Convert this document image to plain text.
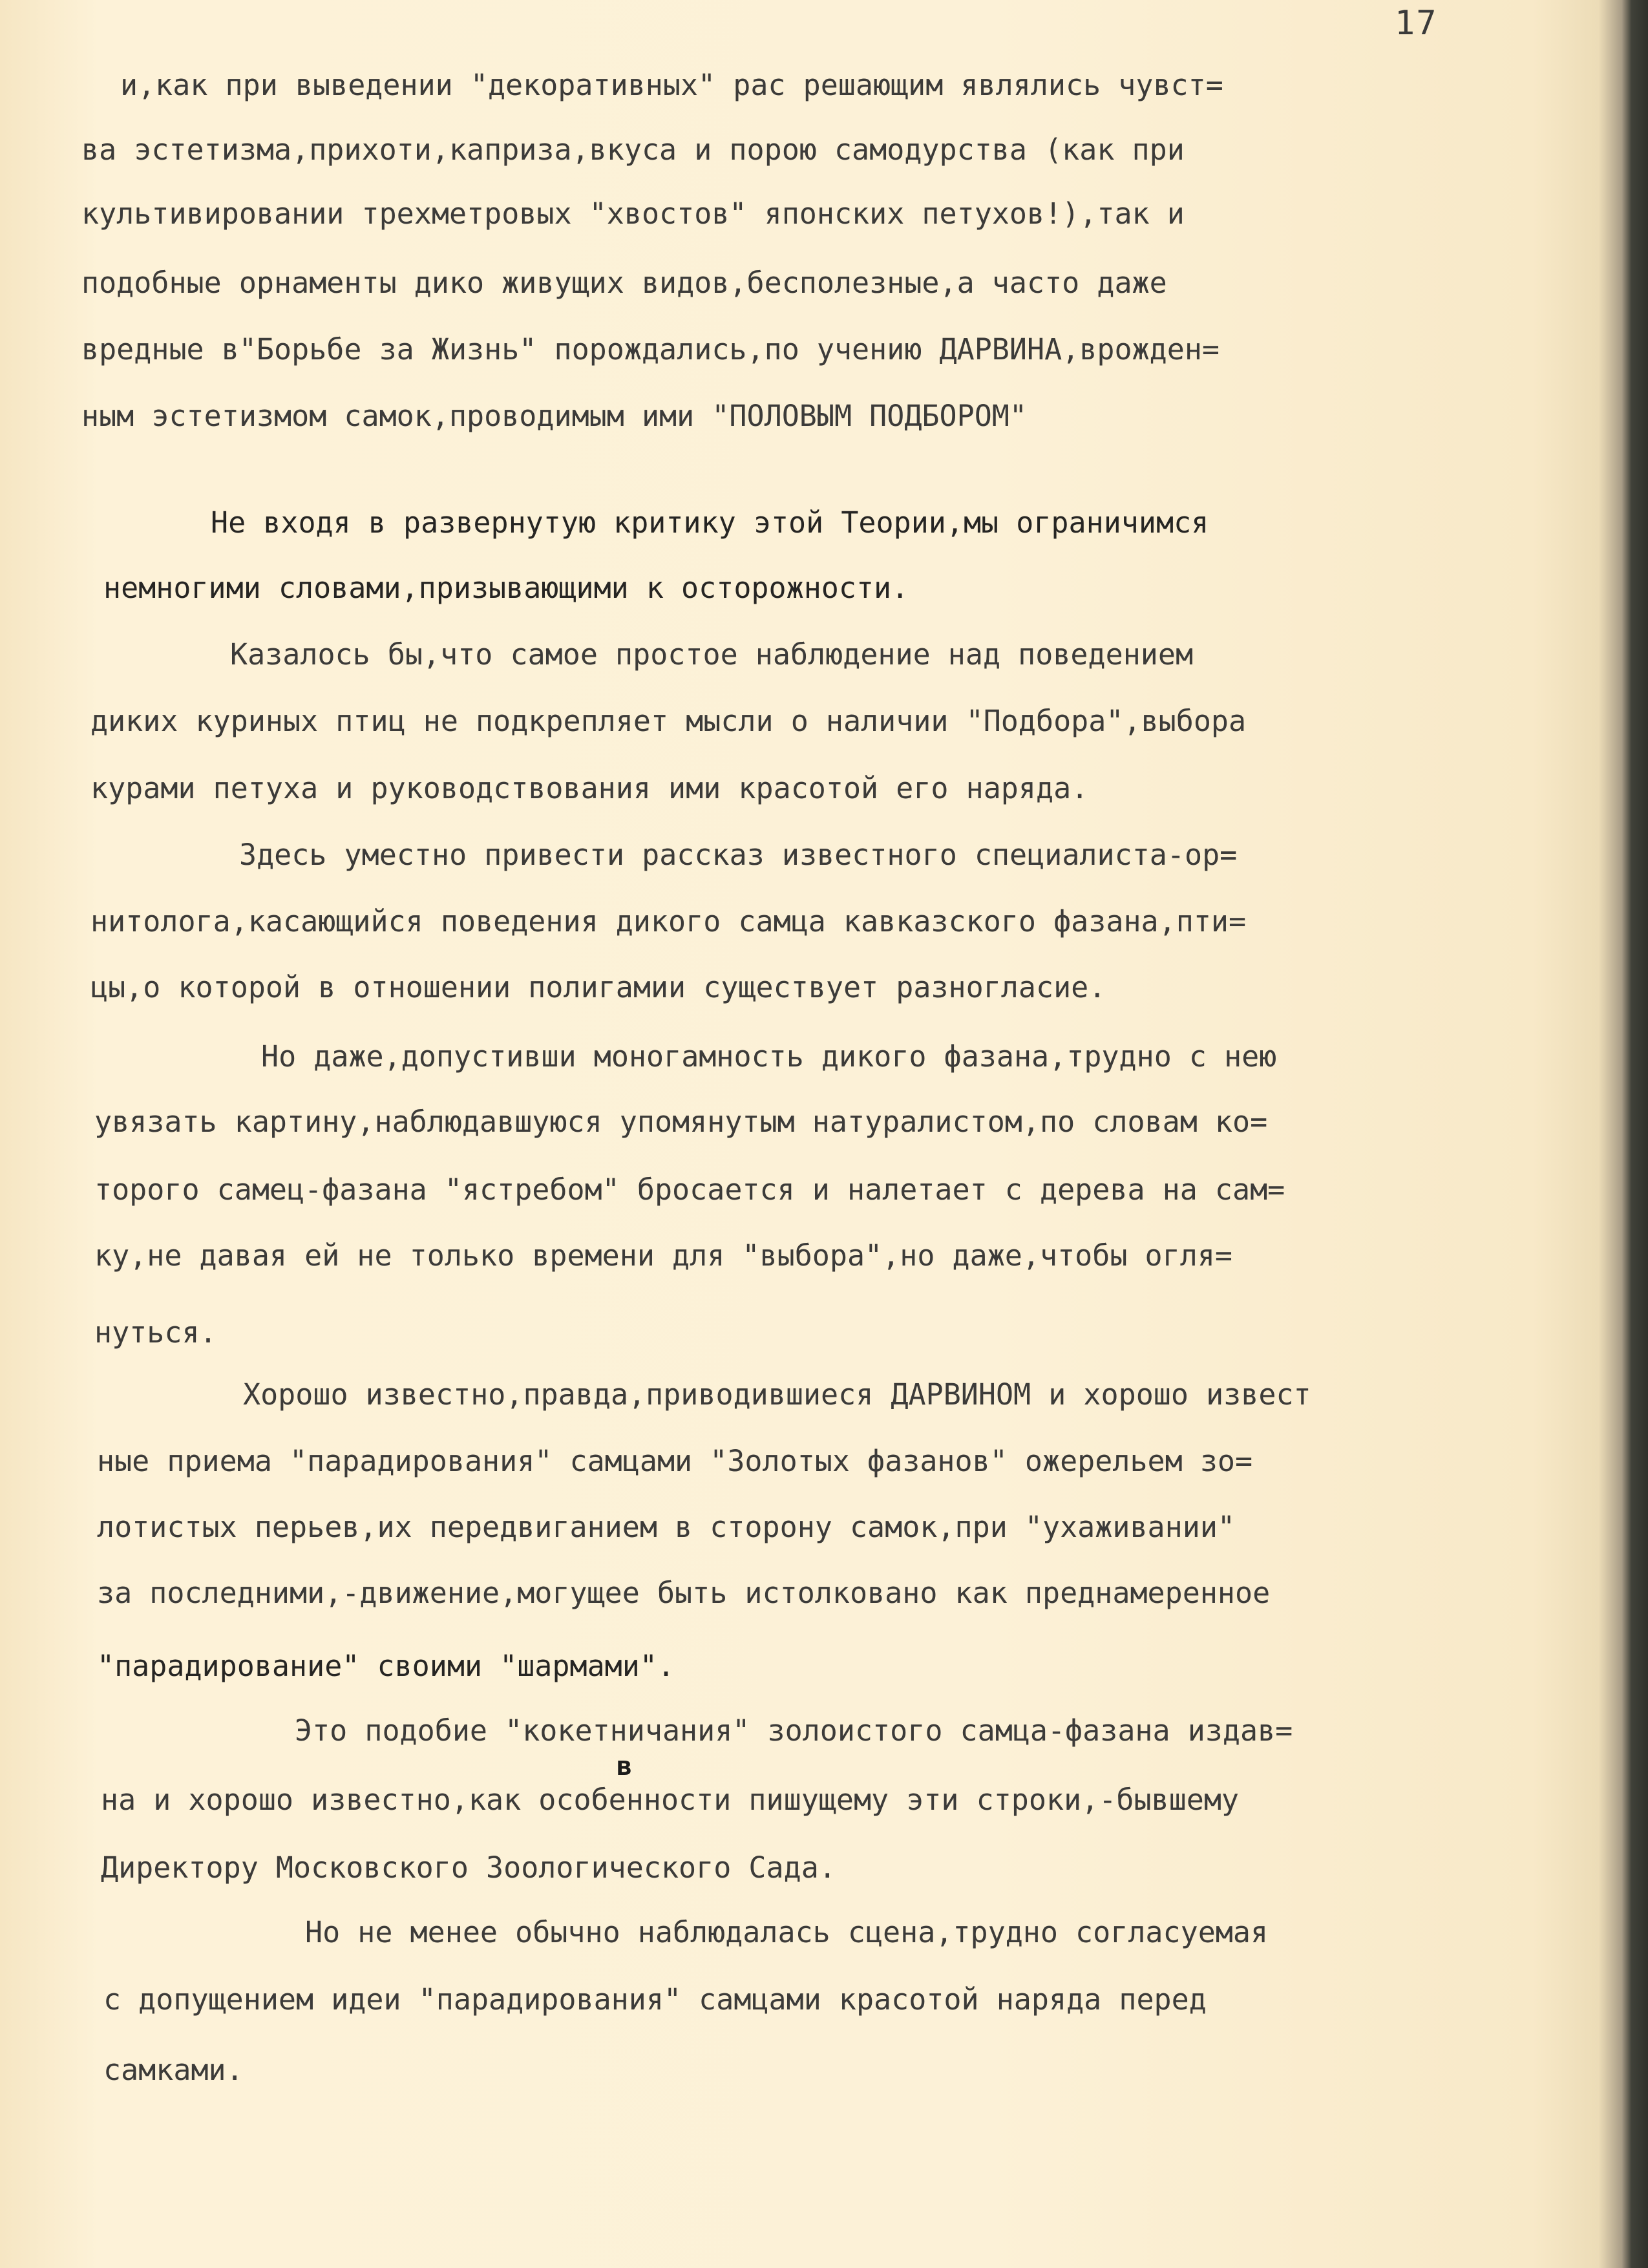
17

и,как при выведении "декоративных" рас решающим являлись чувст=

ва эстетизма,прихоти,каприза,вкуса и порою самодурства (как при

культивировании трехметровых "хвостов" японских петухов!),так и

подобные орнаменты дико живущих видов,бесполезные,а часто даже

вредные в"Борьбе за Жизнь" порождались,по учению ДАРВИНА,врожден=

ным эстетизмом самок,проводимым ими "ПОЛОВЫМ ПОДБОРОМ"

Не входя в развернутую критику этой Теории,мы ограничимся

немногими словами,призывающими к осторожности.

Казалось бы,что самое простое наблюдение над поведением

диких куриных птиц не подкрепляет мысли о наличии "Подбора",выбора

курами петуха и руководствования ими красотой его наряда.

Здесь уместно привести рассказ известного специалиста-ор=

нитолога,касающийся поведения дикого самца кавказского фазана,пти=

цы,о которой в отношении полигамии существует разногласие.

Но даже,допустивши моногамность дикого фазана,трудно с нею

увязать картину,наблюдавшуюся упомянутым натуралистом,по словам ко=

торого самец-фазана "ястребом" бросается и налетает с дерева на сам=

ку,не давая ей не только времени для "выбора",но даже,чтобы огля=

нуться.

Хорошо известно,правда,приводившиеся ДАРВИНОМ и хорошо извест

ные приема "парадирования" самцами "Золотых фазанов" ожерельем зо=

лотистых перьев,их передвиганием в сторону самок,при "ухаживании"

за последними,-движение,могущее быть истолковано как преднамеренное

"парадирование" своими "шармами".

Это подобие "кокетничания" золоистого самца-фазана издав=

в

на и хорошо известно,как особенности пишущему эти строки,-бывшему

Директору Московского Зоологического Сада.

Но не менее обычно наблюдалась сцена,трудно согласуемая

с допущением идеи "парадирования" самцами красотой наряда перед

самками.
